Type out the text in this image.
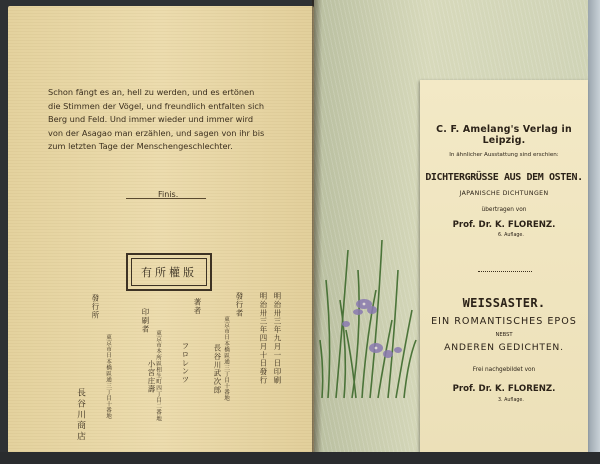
Schon fängt es an, hell zu werden, und es ertönen
die Stimmen der Vögel, und freundlich entfalten sich
Berg und Feld. Und immer wieder und immer wird
von der Asagao man erzählen, und sagen von ihr bis
zum letzten Tage der Menschengeschlechter.
Finis.
有所權版
明治卅三年九月一日印刷
明治卅三年四月十日發行
發行者
東京市日本橋區通三丁目十番地
長谷川武次郎
著者
フロレンツ
印刷者
東京市本所區相生町四丁目二番地
小宮庄壽
發行所
東京市日本橋區通三丁目十番地
長谷川商店
C. F. Amelang's Verlag in Leipzig.
In ähnlicher Ausstattung sind erschien:
DICHTERGRÜSSE AUS DEM OSTEN.
JAPANISCHE DICHTUNGEN
übertragen von
Prof. Dr. K. FLORENZ.
6. Auflage.
WEISSASTER.
EIN ROMANTISCHES EPOS
NEBST
ANDEREN GEDICHTEN.
Frei nachgebildet von
Prof. Dr. K. FLORENZ.
3. Auflage.
